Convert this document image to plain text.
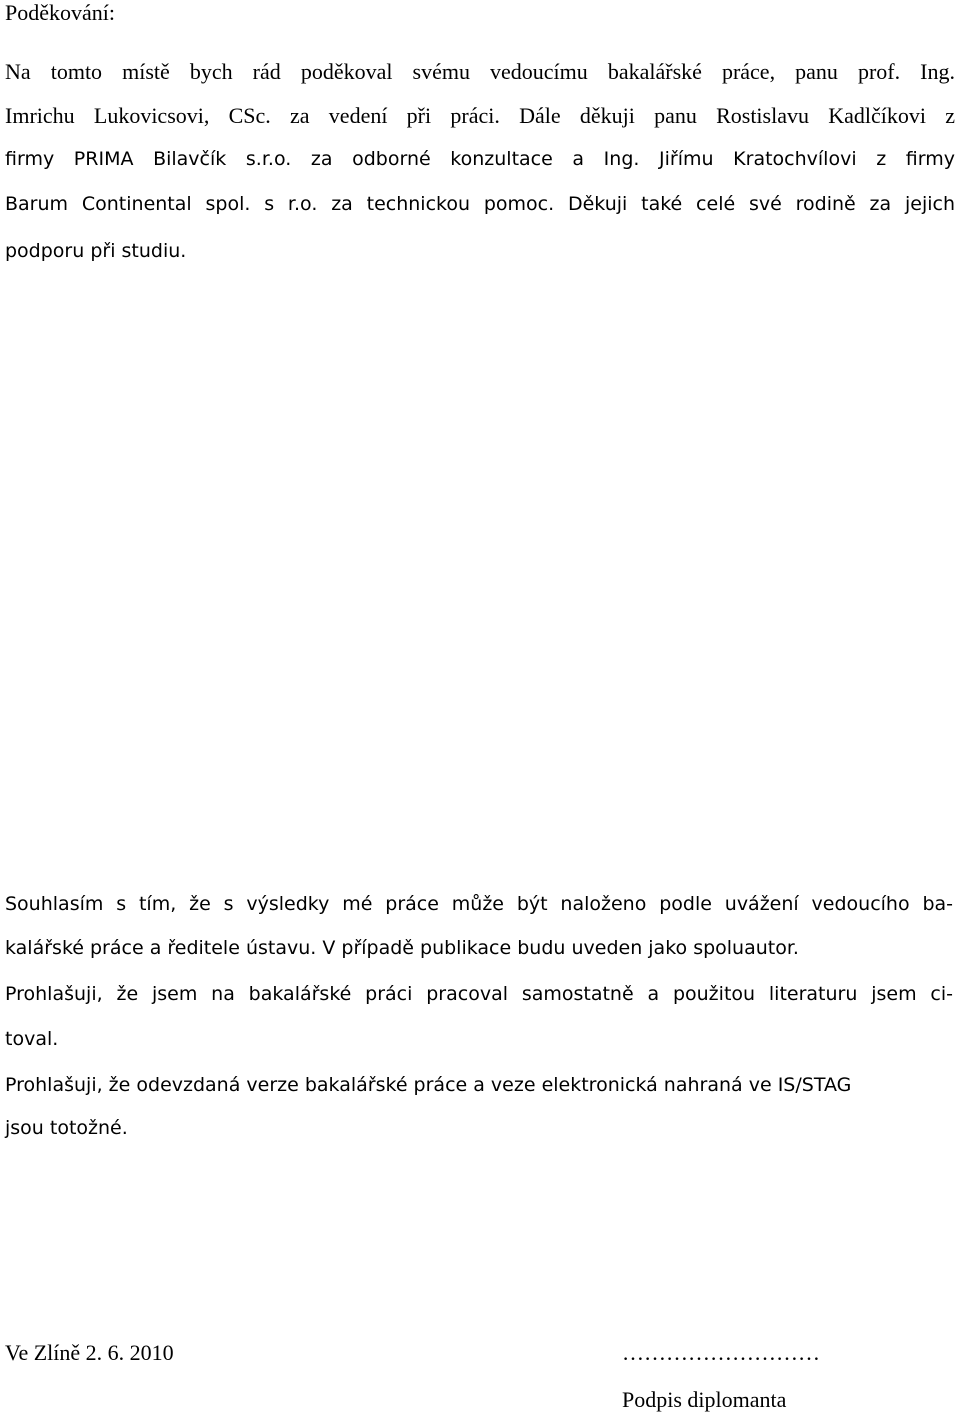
Poděkování:
Na tomto místě bych rád poděkoval svému vedoucímu bakalářské práce, panu prof. Ing.
Imrichu Lukovicsovi, CSc. za vedení při práci. Dále děkuji panu Rostislavu Kadlčíkovi z
firmy PRIMA Bilavčík s.r.o. za odborné konzultace a Ing. Jiřímu Kratochvílovi z firmy
Barum Continental spol. s r.o. za technickou pomoc. Děkuji také celé své rodině za jejich
podporu při studiu.
Souhlasím s tím, že s výsledky mé práce může být naloženo podle uvážení vedoucího ba-
kalářské práce a ředitele ústavu. V případě publikace budu uveden jako spoluautor.
Prohlašuji, že jsem na bakalářské práci pracoval samostatně a použitou literaturu jsem ci-
toval.
Prohlašuji, že odevzdaná verze bakalářské práce a veze elektronická nahraná ve IS/STAG
jsou totožné.
Ve Zlíně 2. 6. 2010	………………………
Podpis diplomanta
